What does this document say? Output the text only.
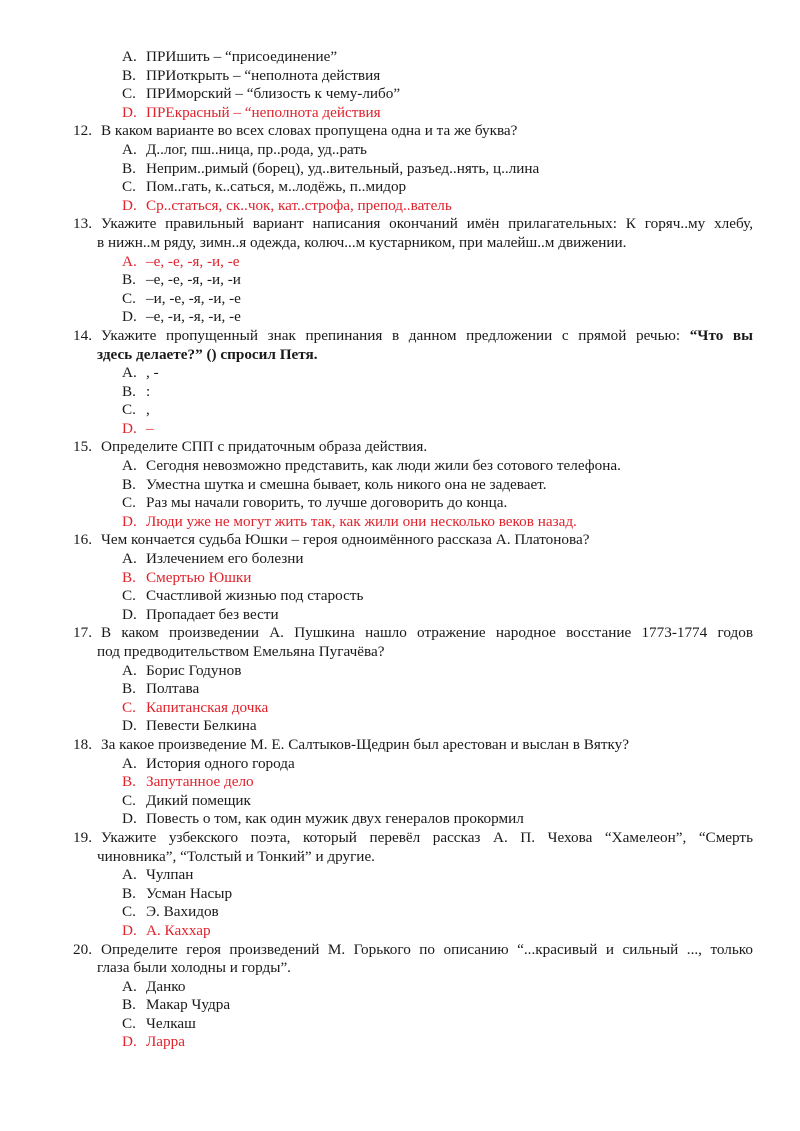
A. ПРИшить – “присоединение”
B. ПРИоткрыть – “неполнота действия
C. ПРИморский – “близость к чему-либо”
D. ПРЕкрасный – “неполнота действия
12. В каком варианте во всех словах пропущена одна и та же буква?
A. Д..лог, пш..ница, пр..рода, уд..рать
B. Неприм..римый (борец), уд..вительный, разъед..нять, ц..лина
C. Пом..гать, к..саться, м..лодёжь, п..мидор
D. Ср..статься, ск..чок, кат..строфа, препод..ватель
13. Укажите правильный вариант написания окончаний имён прилагательных: К горяч..му хлебу,
в нижн..м ряду, зимн..я одежда, колюч...м кустарником, при малейш..м движении.
A. –е, -е, -я, -и, -е
B. –е, -е, -я, -и, -и
C. –и, -е, -я, -и, -е
D. –е, -и, -я, -и, -е
14. Укажите пропущенный знак препинания в данном предложении с прямой речью: “Что вы
здесь делаете?” () спросил Петя.
A. , -
B. :
C. ,
D. –
15. Определите СПП с придаточным образа действия.
A. Сегодня невозможно представить, как люди жили без сотового телефона.
B. Уместна шутка и смешна бывает, коль никого она не задевает.
C. Раз мы начали говорить, то лучше договорить до конца.
D. Люди уже не могут жить так, как жили они несколько веков назад.
16. Чем кончается судьба Юшки – героя одноимённого рассказа А. Платонова?
A. Излечением его болезни
B. Смертью Юшки
C. Счастливой жизнью под старость
D. Пропадает без вести
17. В каком произведении А. Пушкина нашло отражение народное восстание 1773-1774 годов
под предводительством Емельяна Пугачёва?
A. Борис Годунов
B. Полтава
C. Капитанская дочка
D. Певести Белкина
18. За какое произведение М. Е. Салтыков-Щедрин был арестован и выслан в Вятку?
A. История одного города
B. Запутанное дело
C. Дикий помещик
D. Повесть о том, как один мужик двух генералов прокормил
19. Укажите узбекского поэта, который перевёл рассказ А. П. Чехова “Хамелеон”, “Смерть
чиновника”, “Толстый и Тонкий” и другие.
A. Чулпан
B. Усман Насыр
C. Э. Вахидов
D. А. Каххар
20. Определите героя произведений М. Горького по описанию “...красивый и сильный ..., только
глаза были холодны и горды”.
A. Данко
B. Макар Чудра
C. Челкаш
D. Ларра
